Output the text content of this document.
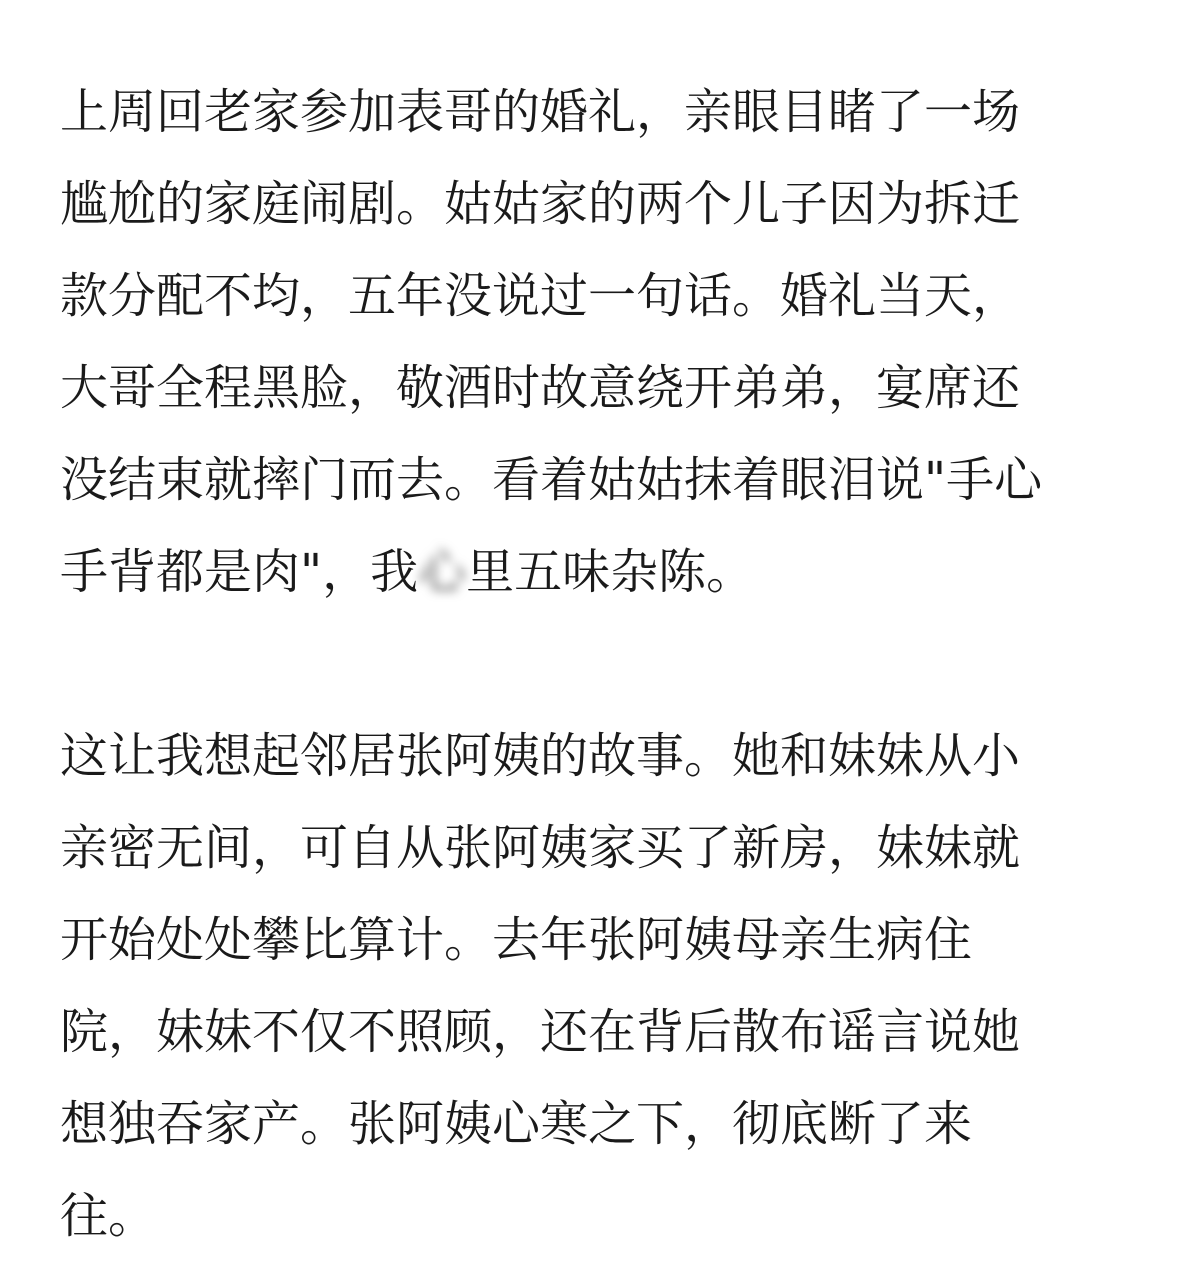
上周回老家参加表哥的婚礼，亲眼目睹了一场
尴尬的家庭闹剧。姑姑家的两个儿子因为拆迁
款分配不均，五年没说过一句话。婚礼当天，
大哥全程黑脸，敬酒时故意绕开弟弟，宴席还
没结束就摔门而去。看着姑姑抹着眼泪说"手心
手背都是肉"，我心里五味杂陈。
这让我想起邻居张阿姨的故事。她和妹妹从小
亲密无间，可自从张阿姨家买了新房，妹妹就
开始处处攀比算计。去年张阿姨母亲生病住
院，妹妹不仅不照顾，还在背后散布谣言说她
想独吞家产。张阿姨心寒之下，彻底断了来
往。
